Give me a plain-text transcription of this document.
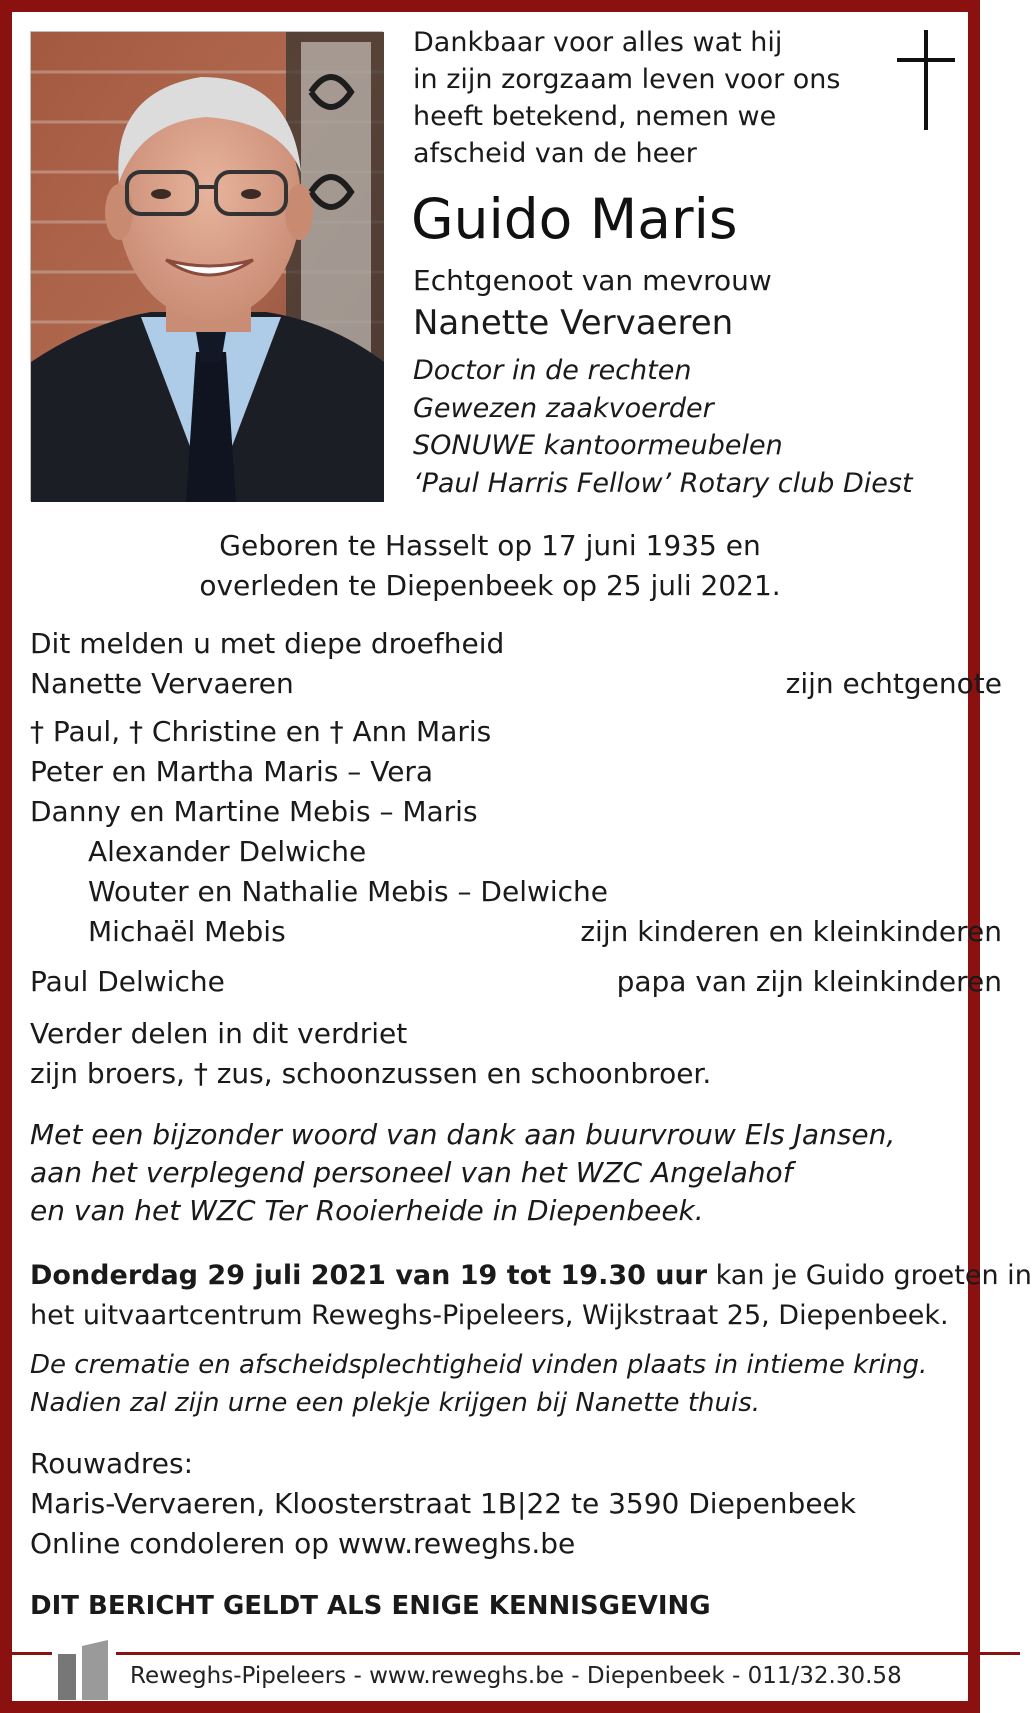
Dankbaar voor alles wat hij
in zijn zorgzaam leven voor ons
heeft betekend, nemen we
afscheid van de heer
Guido Maris
Echtgenoot van mevrouw
Nanette Vervaeren
Doctor in de rechten
Gewezen zaakvoerder
SONUWE kantoormeubelen
‘Paul Harris Fellow’ Rotary club Diest
Geboren te Hasselt op 17 juni 1935 en
overleden te Diepenbeek op 25 juli 2021.
Dit melden u met diepe droefheid
Nanette Vervaeren	zijn echtgenote
† Paul, † Christine en † Ann Maris
Peter en Martha Maris – Vera
Danny en Martine Mebis – Maris
Alexander Delwiche
Wouter en Nathalie Mebis – Delwiche
Michaël Mebis	zijn kinderen en kleinkinderen
Paul Delwiche	papa van zijn kleinkinderen
Verder delen in dit verdriet
zijn broers, † zus, schoonzussen en schoonbroer.
Met een bijzonder woord van dank aan buurvrouw Els Jansen,
aan het verplegend personeel van het WZC Angelahof
en van het WZC Ter Rooierheide in Diepenbeek.
Donderdag 29 juli 2021 van 19 tot 19.30 uur kan je Guido groeten in
het uitvaartcentrum Reweghs-Pipeleers, Wijkstraat 25, Diepenbeek.
De crematie en afscheidsplechtigheid vinden plaats in intieme kring.
Nadien zal zijn urne een plekje krijgen bij Nanette thuis.
Rouwadres:
Maris-Vervaeren, Kloosterstraat 1B|22 te 3590 Diepenbeek
Online condoleren op www.reweghs.be
DIT BERICHT GELDT ALS ENIGE KENNISGEVING
Reweghs-Pipeleers - www.reweghs.be - Diepenbeek - 011/32.30.58
